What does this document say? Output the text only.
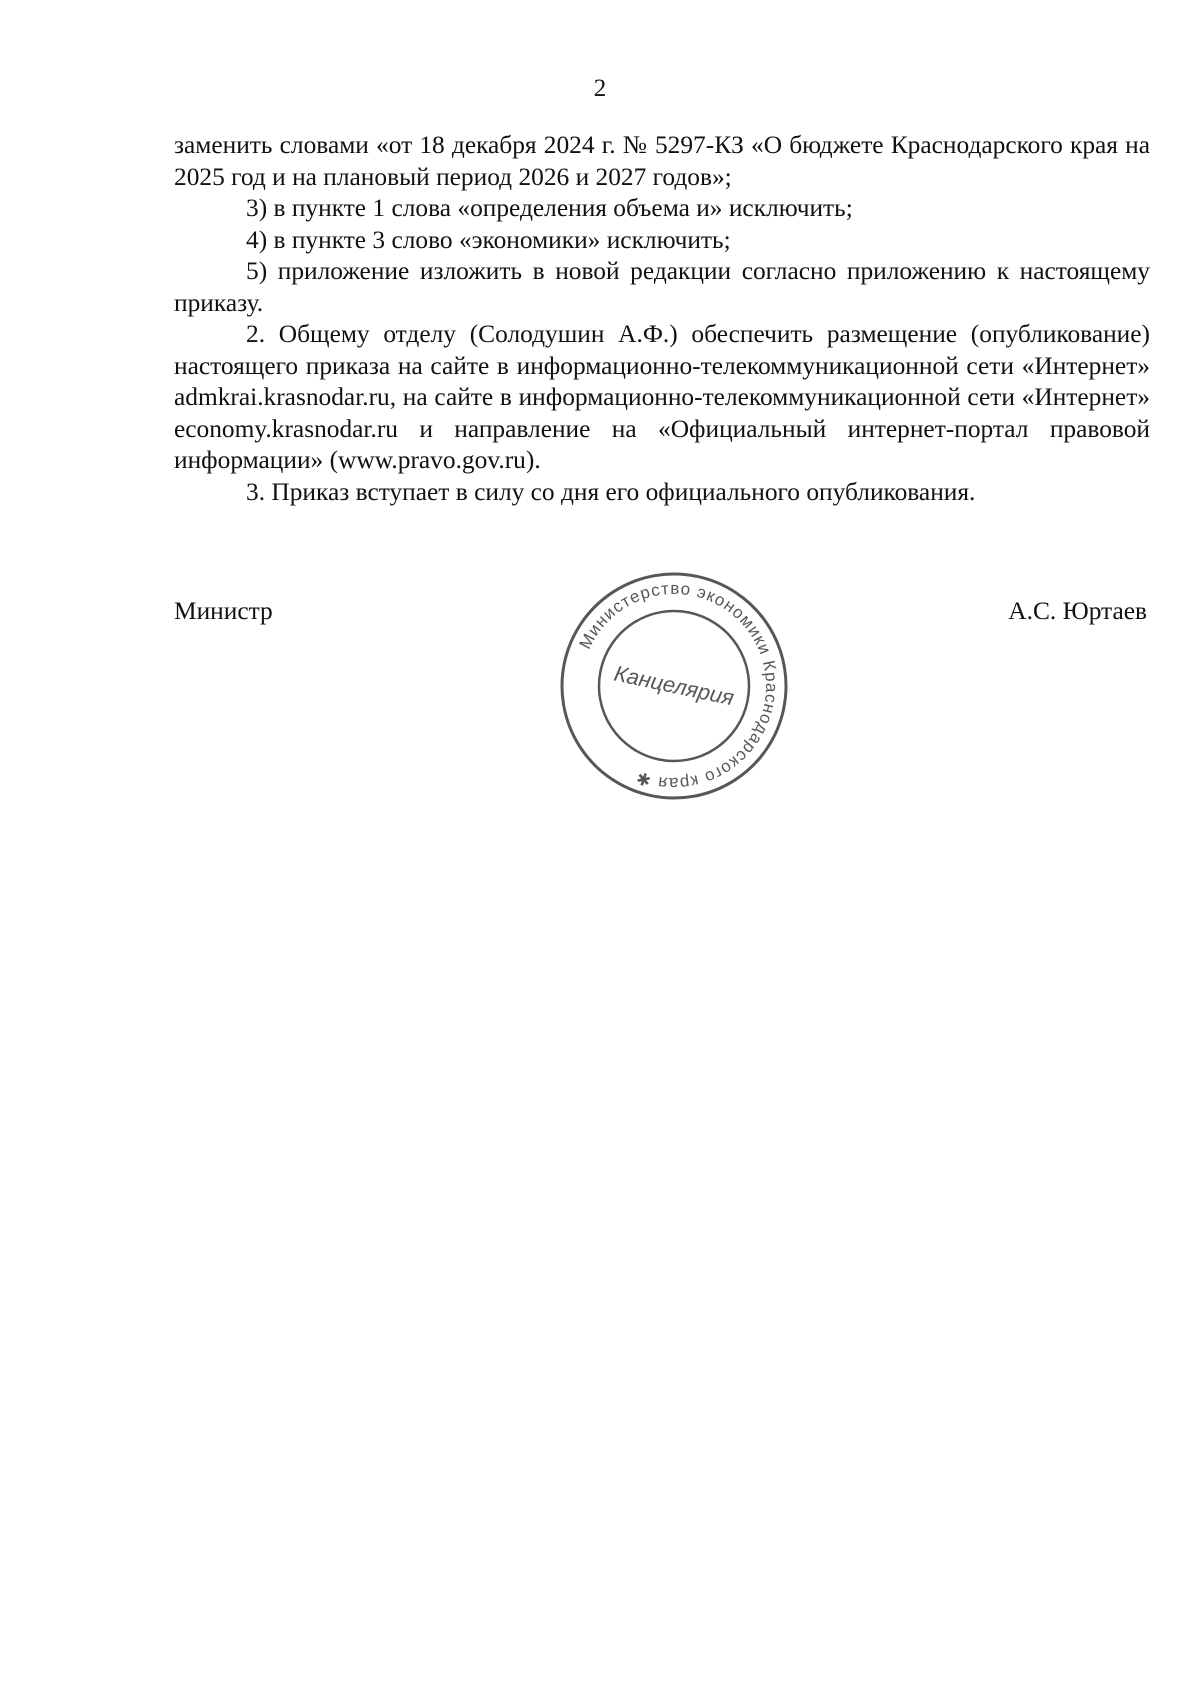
2

заменить словами «от 18 декабря 2024 г. № 5297-КЗ «О бюджете Краснодарского края на 2025 год и на плановый период 2026 и 2027 годов»;

3) в пункте 1 слова «определения объема и» исключить;

4) в пункте 3 слово «экономики» исключить;

5) приложение изложить в новой редакции согласно приложению к настоящему приказу.

2. Общему отделу (Солодушин А.Ф.) обеспечить размещение (опубликование) настоящего приказа на сайте в информационно-телекоммуникационной сети «Интернет» admkrai.krasnodar.ru, на сайте в информационно-телекоммуникационной сети «Интернет» economy.krasnodar.ru и направление на «Официальный интернет-портал правовой информации» (www.pravo.gov.ru).

3. Приказ вступает в силу со дня его официального опубликования.

Министр	А.С. Юртаев
Министерство экономики Краснодарского края ✱
Канцелярия
